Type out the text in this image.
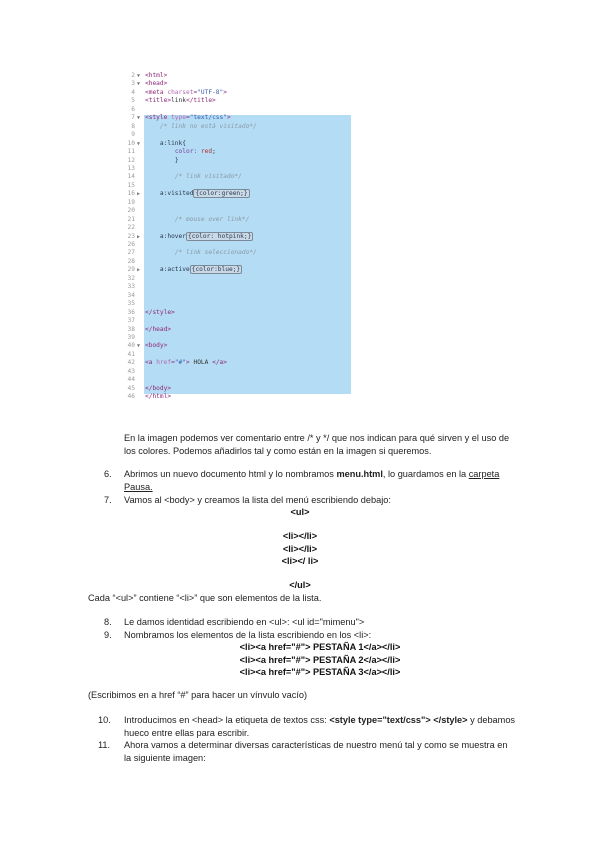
2 ▼ <html>
3 ▼ <head>
4 <meta charset="UTF-8">
5 <title>link</title>
6
7 ▼ <style type="text/css">
8	/* link no está visitado*/
9
10 ▼	a:link{
11	color: red;
12	}
13
14	/* link visitado*/
15
16 ▶	a:visited {color:green;}
19
20
21	/* mouse over link*/
22
23 ▶	a:hover {color: hotpink;}
26
27	/* link seleccionado*/
28
29 ▶	a:active {color:blue;}
32
33
34
35
36 </style>
37
38 </head>
39
40 ▼ <body>
41
42 <a href="#"> HOLA </a>
43
44
45 </body>
46 </html>
En la imagen podemos ver comentario entre /* y */ que nos indican para qué sirven y el uso de
los colores. Podemos añadirlos tal y como están en la imagen si queremos.
6. Abrimos un nuevo documento html y lo nombramos menu.html, lo guardamos en la carpeta
Pausa.
7. Vamos al <body> y creamos la lista del menú escribiendo debajo:
<ul>
<li></li>
<li></li>
<li></ li>
</ul>
Cada “<ul>” contiene “<li>” que son elementos de la lista.
8. Le damos identidad escribiendo en <ul>: <ul id="mimenu">
9. Nombramos los elementos de la lista escribiendo en los <li>:
<li><a href="#"> PESTAÑA 1</a></li>
<li><a href="#"> PESTAÑA 2</a></li>
<li><a href="#"> PESTAÑA 3</a></li>
(Escribimos en a href “#” para hacer un vínvulo vacío)
10. Introducimos en <head> la etiqueta de textos css: <style type="text/css"> </style> y debamos
hueco entre ellas para escribir.
11. Ahora vamos a determinar diversas características de nuestro menú tal y como se muestra en
la siguiente imagen:
